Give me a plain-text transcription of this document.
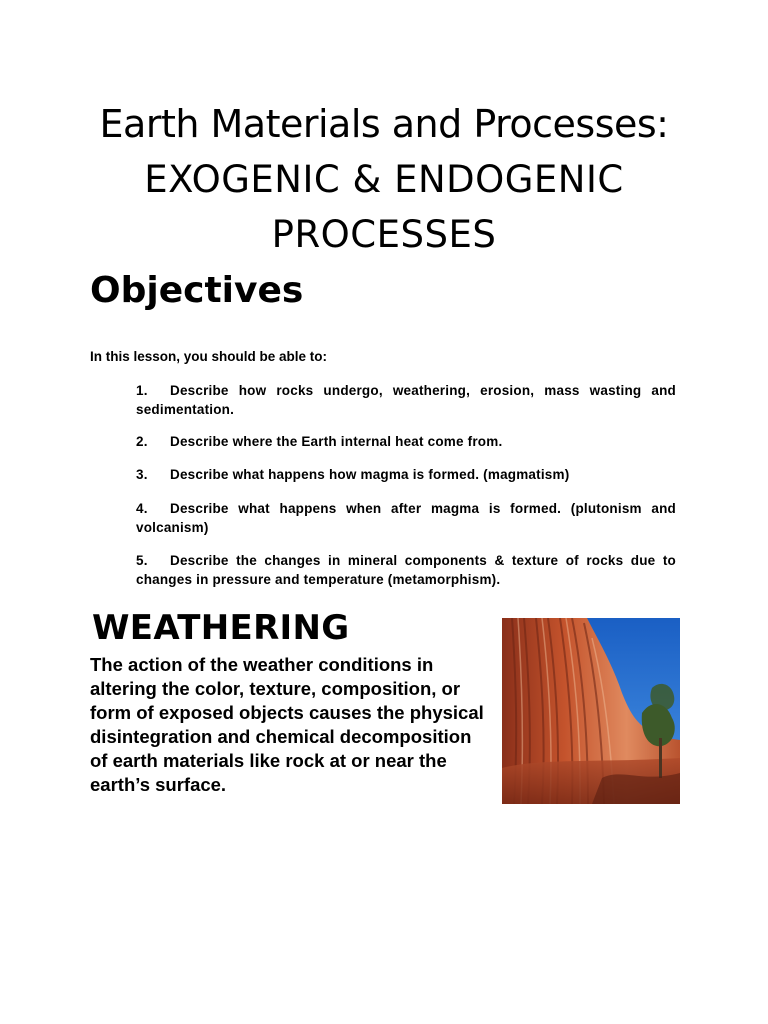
Earth Materials and Processes:
EXOGENIC & ENDOGENIC
PROCESSES
Objectives
In this lesson, you should be able to:
1. Describe how rocks undergo, weathering, erosion, mass wasting and sedimentation.
2. Describe where the Earth internal heat come from.
3. Describe what happens how magma is formed. (magmatism)
4. Describe what happens when after magma is formed. (plutonism and volcanism)
5. Describe the changes in mineral components & texture of rocks due to changes in pressure and temperature (metamorphism).
WEATHERING
The action of the weather conditions in altering the color, texture, composition, or form of exposed objects causes the physical disintegration and chemical decomposition of earth materials like rock at or near the earth’s surface.
